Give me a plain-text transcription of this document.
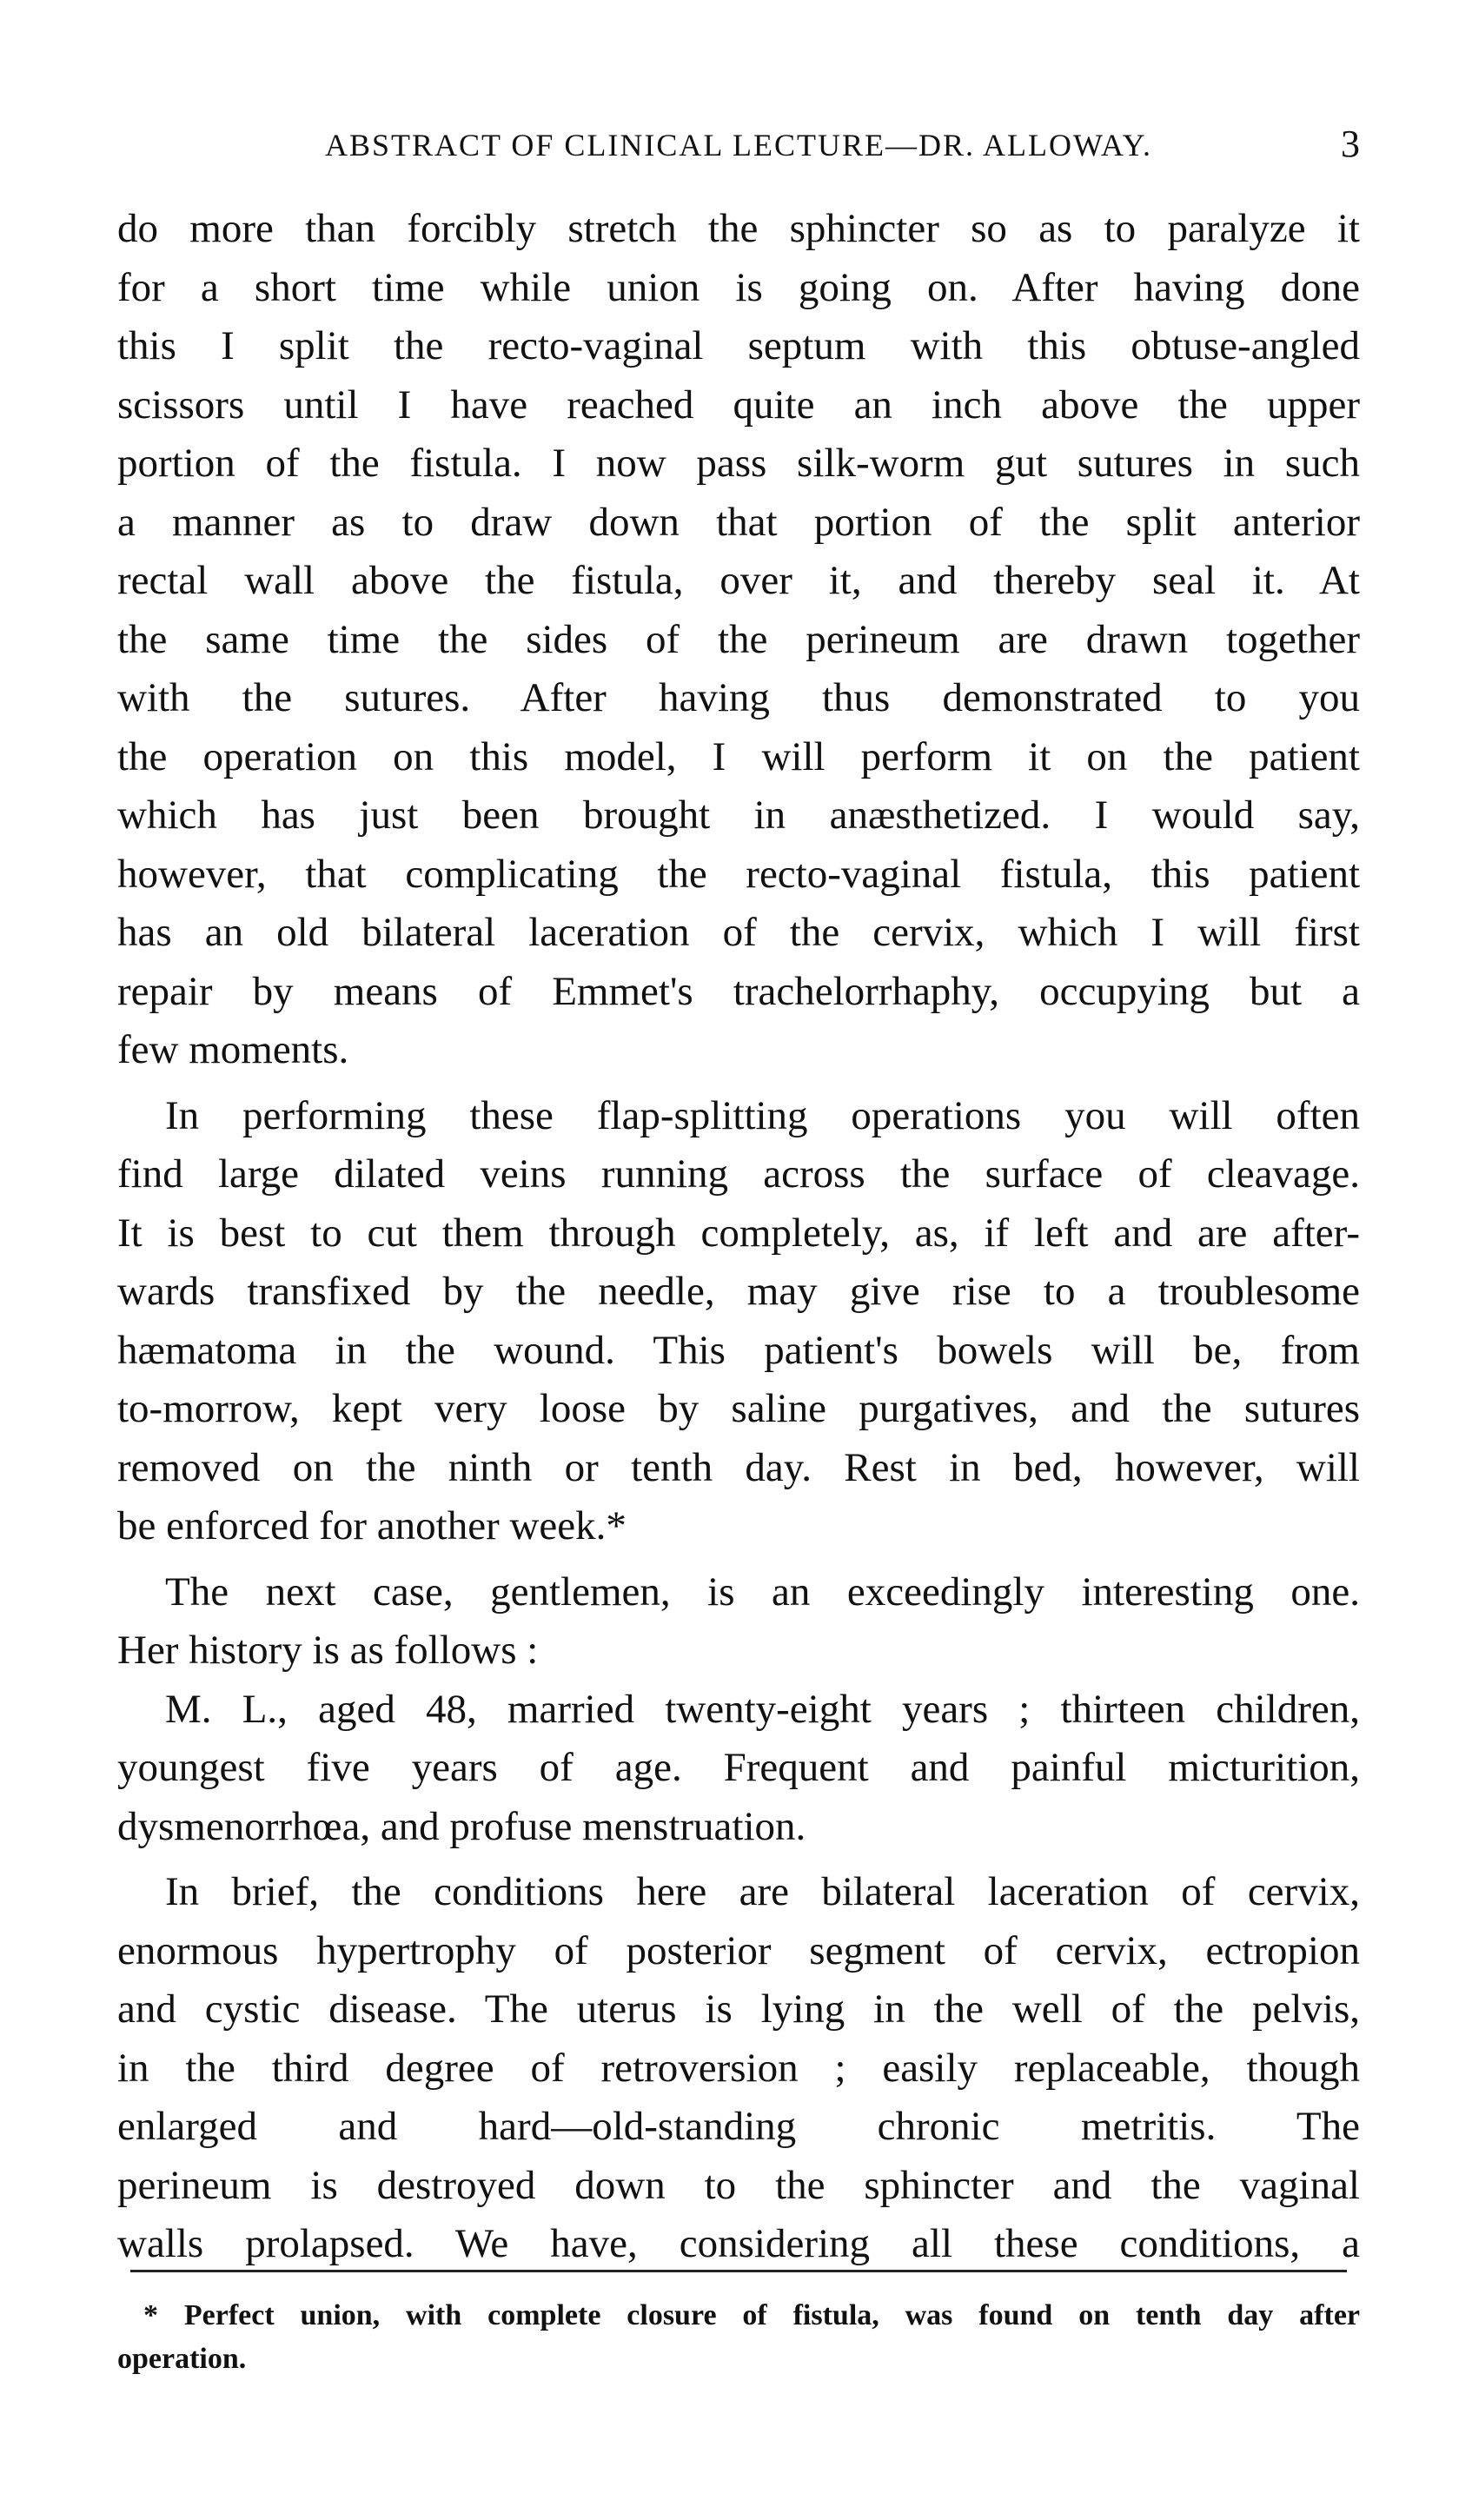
ABSTRACT OF CLINICAL LECTURE—DR. ALLOWAY.	3
do more than forcibly stretch the sphincter so as to paralyze it
for a short time while union is going on. After having done
this I split the recto-vaginal septum with this obtuse-angled
scissors until I have reached quite an inch above the upper
portion of the fistula. I now pass silk-worm gut sutures in such
a manner as to draw down that portion of the split anterior
rectal wall above the fistula, over it, and thereby seal it. At
the same time the sides of the perineum are drawn together
with the sutures. After having thus demonstrated to you
the operation on this model, I will perform it on the patient
which has just been brought in anæsthetized. I would say,
however, that complicating the recto-vaginal fistula, this patient
has an old bilateral laceration of the cervix, which I will first
repair by means of Emmet's trachelorrhaphy, occupying but a
few moments.
In performing these flap-splitting operations you will often
find large dilated veins running across the surface of cleavage.
It is best to cut them through completely, as, if left and are after-
wards transfixed by the needle, may give rise to a troublesome
hæmatoma in the wound. This patient's bowels will be, from
to-morrow, kept very loose by saline purgatives, and the sutures
removed on the ninth or tenth day. Rest in bed, however, will
be enforced for another week.*
The next case, gentlemen, is an exceedingly interesting one.
Her history is as follows :
M. L., aged 48, married twenty-eight years ; thirteen children,
youngest five years of age. Frequent and painful micturition,
dysmenorrhœa, and profuse menstruation.
In brief, the conditions here are bilateral laceration of cervix,
enormous hypertrophy of posterior segment of cervix, ectropion
and cystic disease. The uterus is lying in the well of the pelvis,
in the third degree of retroversion ; easily replaceable, though
enlarged and hard—old-standing chronic metritis. The
perineum is destroyed down to the sphincter and the vaginal
walls prolapsed. We have, considering all these conditions, a
* Perfect union, with complete closure of fistula, was found on tenth day after
operation.
